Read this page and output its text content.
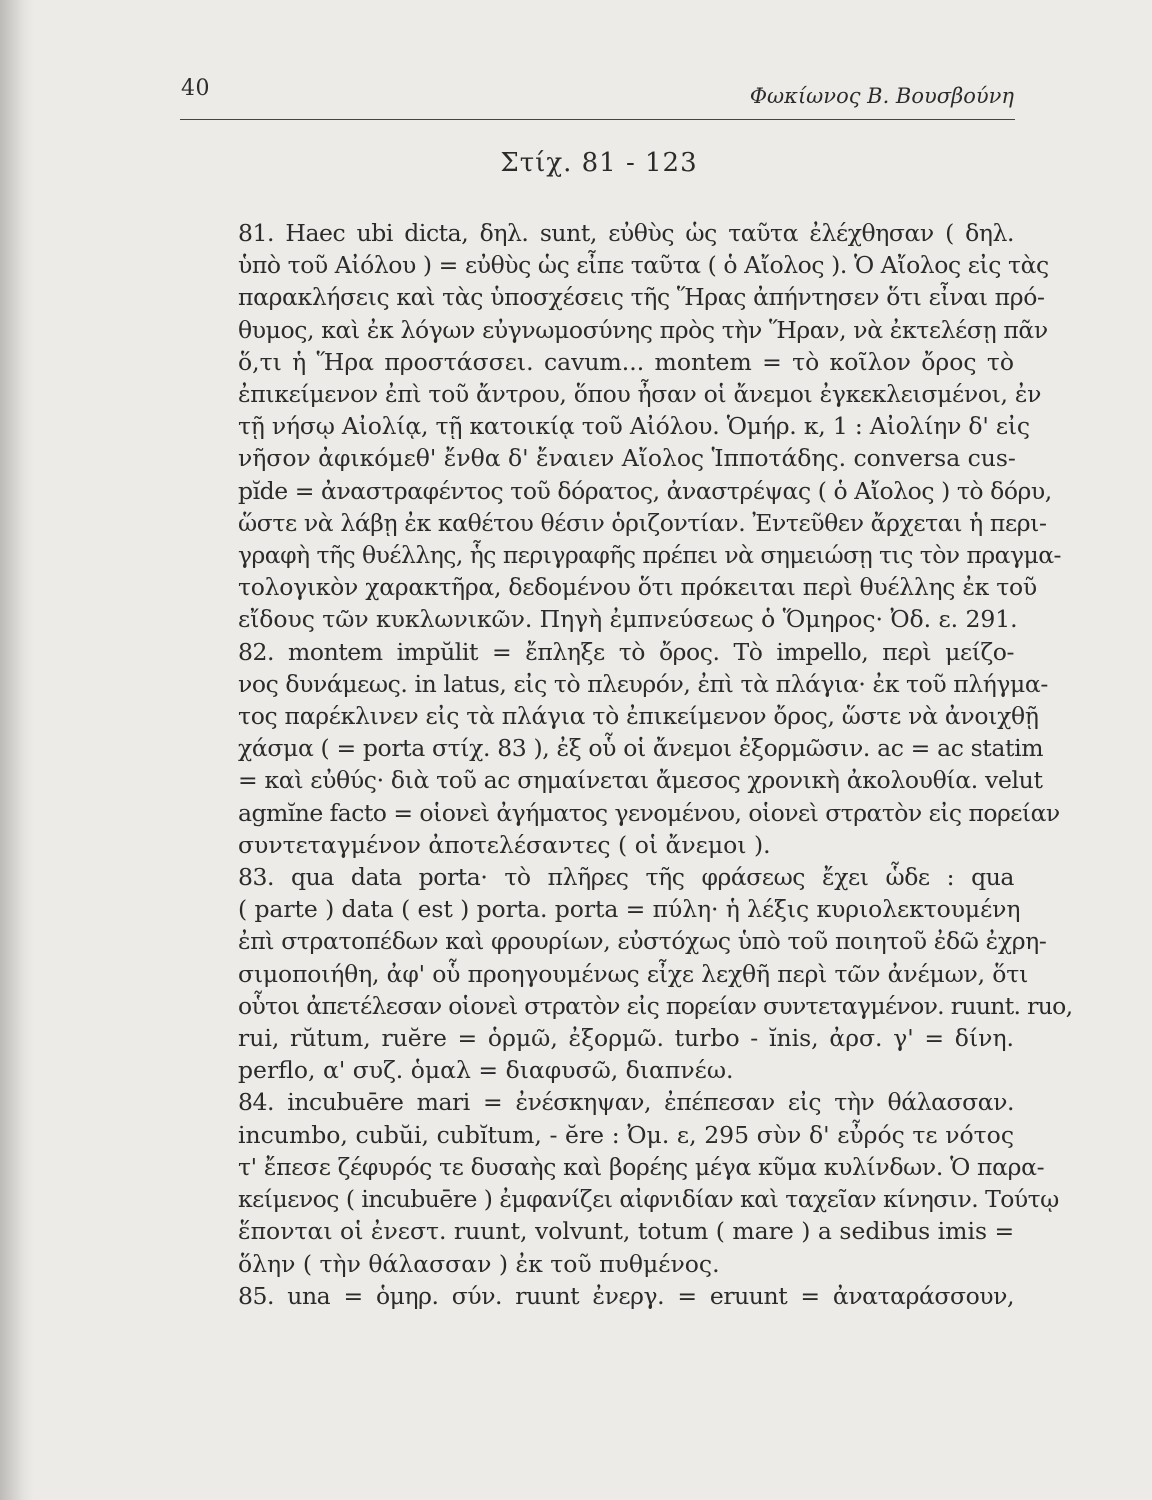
40	Φωκίωνος Β. Βουσβούνη
Στίχ. 81 - 123
81. Haec ubi dicta, δηλ. sunt, εὐθὺς ὡς ταῦτα ἐλέχθησαν ( δηλ.
ὑπὸ τοῦ Αἰόλου ) = εὐθὺς ὡς εἶπε ταῦτα ( ὁ Αἴολος ). Ὁ Αἴολος εἰς τὰς
παρακλήσεις καὶ τὰς ὑποσχέσεις τῆς Ἥρας ἀπήντησεν ὅτι εἶναι πρό-
θυμος, καὶ ἐκ λόγων εὐγνωμοσύνης πρὸς τὴν Ἥραν, νὰ ἐκτελέσῃ πᾶν
ὅ,τι ἡ Ἥρα προστάσσει. cavum... montem = τὸ κοῖλον ὄρος τὸ
ἐπικείμενον ἐπὶ τοῦ ἄντρου, ὅπου ἦσαν οἱ ἄνεμοι ἐγκεκλεισμένοι, ἐν
τῇ νήσῳ Αἰολίᾳ, τῇ κατοικίᾳ τοῦ Αἰόλου. Ὁμήρ. κ, 1 : Αἰολίην δ' εἰς
νῆσον ἀφικόμεθ' ἔνθα δ' ἔναιεν Αἴολος Ἱπποτάδης. conversa cus-
pĭde = ἀναστραφέντος τοῦ δόρατος, ἀναστρέψας ( ὁ Αἴολος ) τὸ δόρυ,
ὥστε νὰ λάβῃ ἐκ καθέτου θέσιν ὁριζοντίαν. Ἐντεῦθεν ἄρχεται ἡ περι-
γραφὴ τῆς θυέλλης, ἧς περιγραφῆς πρέπει νὰ σημειώσῃ τις τὸν πραγμα-
τολογικὸν χαρακτῆρα, δεδομένου ὅτι πρόκειται περὶ θυέλλης ἐκ τοῦ
εἴδους τῶν κυκλωνικῶν. Πηγὴ ἐμπνεύσεως ὁ Ὅμηρος· Ὀδ. ε. 291.
82. montem impŭlit = ἔπληξε τὸ ὄρος. Τὸ impello, περὶ μείζο-
νος δυνάμεως. in latus, εἰς τὸ πλευρόν, ἐπὶ τὰ πλάγια· ἐκ τοῦ πλήγμα-
τος παρέκλινεν εἰς τὰ πλάγια τὸ ἐπικείμενον ὄρος, ὥστε νὰ ἀνοιχθῇ
χάσμα ( = porta στίχ. 83 ), ἐξ οὗ οἱ ἄνεμοι ἐξορμῶσιν. ac = ac statim
= καὶ εὐθύς· διὰ τοῦ ac σημαίνεται ἄμεσος χρονικὴ ἀκολουθία. velut
agmĭne facto = οἱονεὶ ἀγήματος γενομένου, οἱονεὶ στρατὸν εἰς πορείαν
συντεταγμένον ἀποτελέσαντες ( οἱ ἄνεμοι ).
83. qua data porta· τὸ πλῆρες τῆς φράσεως ἔχει ὧδε : qua
( parte ) data ( est ) porta. porta = πύλη· ἡ λέξις κυριολεκτουμένη
ἐπὶ στρατοπέδων καὶ φρουρίων, εὐστόχως ὑπὸ τοῦ ποιητοῦ ἐδῶ ἐχρη-
σιμοποιήθη, ἀφ' οὗ προηγουμένως εἶχε λεχθῆ περὶ τῶν ἀνέμων, ὅτι
οὗτοι ἀπετέλεσαν οἱονεὶ στρατὸν εἰς πορείαν συντεταγμένον. ruunt. ruo,
rui, rŭtum, ruĕre = ὁρμῶ, ἐξορμῶ. turbo - ĭnis, ἀρσ. γ' = δίνη.
perflo, α' συζ. ὁμαλ = διαφυσῶ, διαπνέω.
84. incubuēre mari = ἐνέσκηψαν, ἐπέπεσαν εἰς τὴν θάλασσαν.
incumbo, cubŭi, cubĭtum, - ĕre : Ὀμ. ε, 295 σὺν δ' εὖρός τε νότος
τ' ἔπεσε ζέφυρός τε δυσαὴς καὶ βορέης μέγα κῦμα κυλίνδων. Ὁ παρα-
κείμενος ( incubuēre ) ἐμφανίζει αἰφνιδίαν καὶ ταχεῖαν κίνησιν. Τούτῳ
ἕπονται οἱ ἐνεστ. ruunt, volvunt, totum ( mare ) a sedibus imis =
ὅλην ( τὴν θάλασσαν ) ἐκ τοῦ πυθμένος.
85. una = ὁμηρ. σύν. ruunt ἐνεργ. = eruunt = ἀναταράσσουν,
